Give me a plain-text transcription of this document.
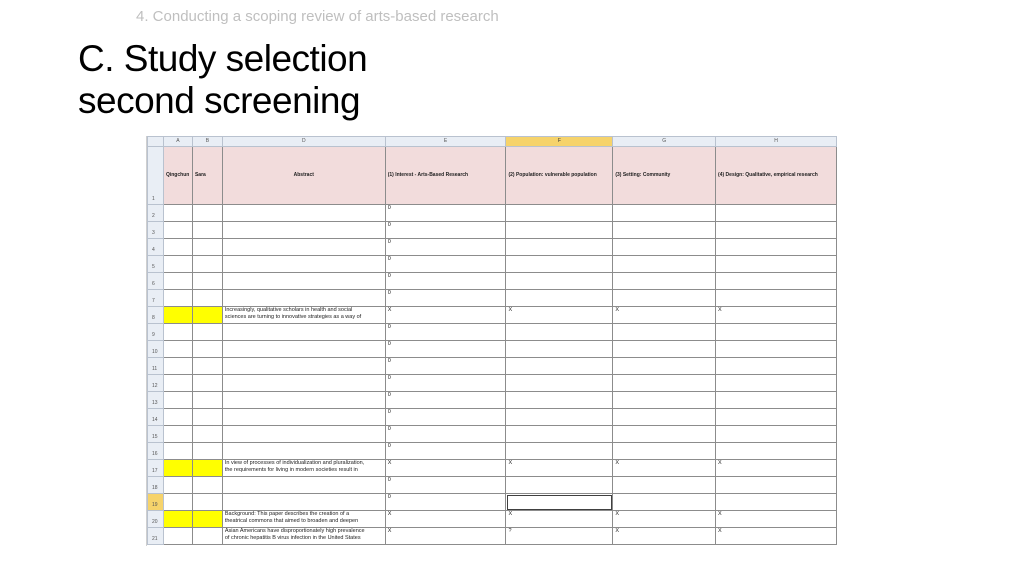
4. Conducting a scoping review of arts-based research
C. Study selection
second screening
	A	B	D	E	F	G	H
1	Qingchun	Sara	Abstract	(1) Interest - Arts-Based Research	(2) Population: vulnerable population	(3) Setting: Community	(4) Design: Qualitative, empirical research
2				0			
3				0			
4				0			
5				0			
6				0			
7				0			
8			Increasingly, qualitative scholars in health and social
sciences are turning to innovative strategies as a way of	X	X	X	X
9				0			
10				0			
11				0			
12				0			
13				0			
14				0			
15				0			
16				0			
17			In view of processes of individualization and pluralization,
the requirements for living in modern societies result in	X	X	X	X
18				0			
19				0			
20			Background: This paper describes the creation of a
theatrical commons that aimed to broaden and deepen	X	X	X	X
21			Asian Americans have disproportionately high prevalence
of chronic hepatitis B virus infection in the United States	X	?	X	X
